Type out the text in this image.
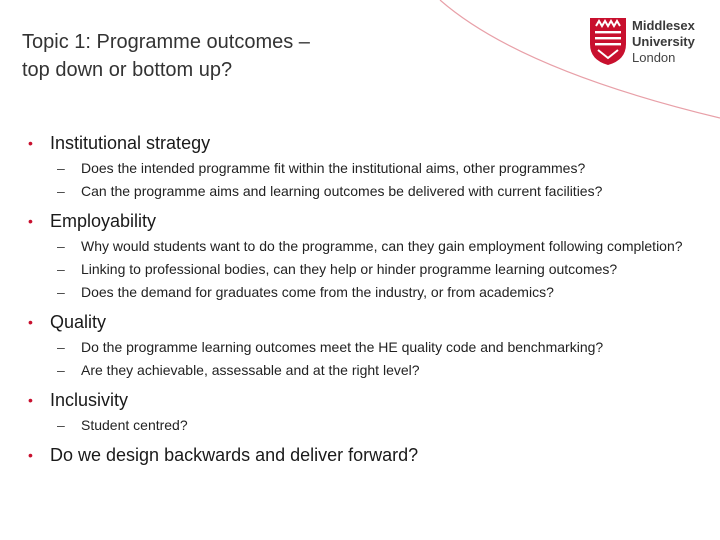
Topic 1: Programme outcomes –
top down or bottom up?
Middlesex
University
London
• Institutional strategy
– Does the intended programme fit within the institutional aims, other programmes?
– Can the programme aims and learning outcomes be delivered with current facilities?
• Employability
– Why would students want to do the programme, can they gain employment following completion?
– Linking to professional bodies, can they help or hinder programme learning outcomes?
– Does the demand for graduates come from the industry, or from academics?
• Quality
– Do the programme learning outcomes meet the HE quality code and benchmarking?
– Are they achievable, assessable and at the right level?
• Inclusivity
– Student centred?
• Do we design backwards and deliver forward?
